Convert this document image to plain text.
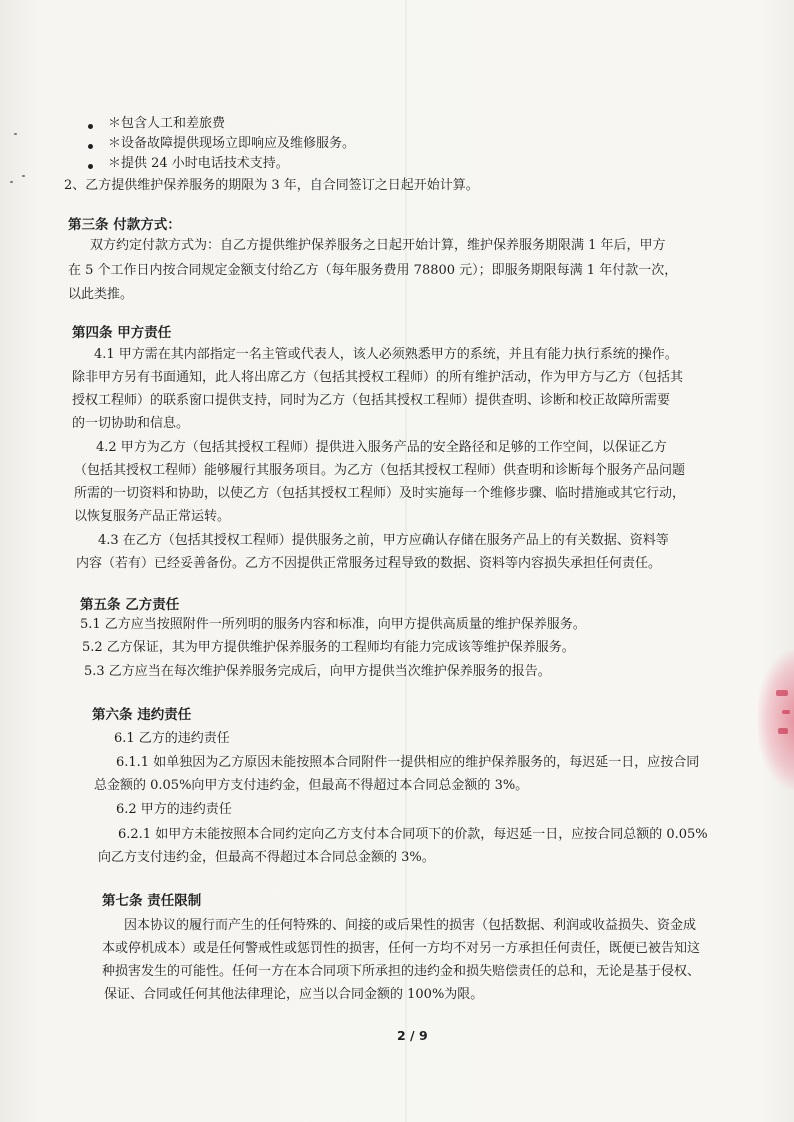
＊包含人工和差旅费
＊设备故障提供现场立即响应及维修服务。
＊提供 24 小时电话技术支持。
2、乙方提供维护保养服务的期限为 3 年，自合同签订之日起开始计算。
第三条 付款方式：
双方约定付款方式为：自乙方提供维护保养服务之日起开始计算，维护保养服务期限满 1 年后，甲方
在 5 个工作日内按合同规定金额支付给乙方（每年服务费用 78800 元）；即服务期限每满 1 年付款一次，
以此类推。
第四条 甲方责任
4.1 甲方需在其内部指定一名主管或代表人，该人必须熟悉甲方的系统，并且有能力执行系统的操作。
除非甲方另有书面通知，此人将出席乙方（包括其授权工程师）的所有维护活动，作为甲方与乙方（包括其
授权工程师）的联系窗口提供支持，同时为乙方（包括其授权工程师）提供查明、诊断和校正故障所需要
的一切协助和信息。
4.2 甲方为乙方（包括其授权工程师）提供进入服务产品的安全路径和足够的工作空间，以保证乙方
（包括其授权工程师）能够履行其服务项目。为乙方（包括其授权工程师）供查明和诊断每个服务产品问题
所需的一切资料和协助，以使乙方（包括其授权工程师）及时实施每一个维修步骤、临时措施或其它行动，
以恢复服务产品正常运转。
4.3 在乙方（包括其授权工程师）提供服务之前，甲方应确认存储在服务产品上的有关数据、资料等
内容（若有）已经妥善备份。乙方不因提供正常服务过程导致的数据、资料等内容损失承担任何责任。
第五条 乙方责任
5.1 乙方应当按照附件一所列明的服务内容和标准，向甲方提供高质量的维护保养服务。
5.2 乙方保证，其为甲方提供维护保养服务的工程师均有能力完成该等维护保养服务。
5.3 乙方应当在每次维护保养服务完成后，向甲方提供当次维护保养服务的报告。
第六条 违约责任
6.1 乙方的违约责任
6.1.1 如单独因为乙方原因未能按照本合同附件一提供相应的维护保养服务的，每迟延一日，应按合同
总金额的 0.05%向甲方支付违约金，但最高不得超过本合同总金额的 3%。
6.2 甲方的违约责任
6.2.1 如甲方未能按照本合同约定向乙方支付本合同项下的价款，每迟延一日，应按合同总额的 0.05%
向乙方支付违约金，但最高不得超过本合同总金额的 3%。
第七条 责任限制
因本协议的履行而产生的任何特殊的、间接的或后果性的损害（包括数据、利润或收益损失、资金成
本或停机成本）或是任何警戒性或惩罚性的损害，任何一方均不对另一方承担任何责任，既便已被告知这
种损害发生的可能性。任何一方在本合同项下所承担的违约金和损失赔偿责任的总和，无论是基于侵权、
保证、合同或任何其他法律理论，应当以合同金额的 100%为限。
2 / 9
